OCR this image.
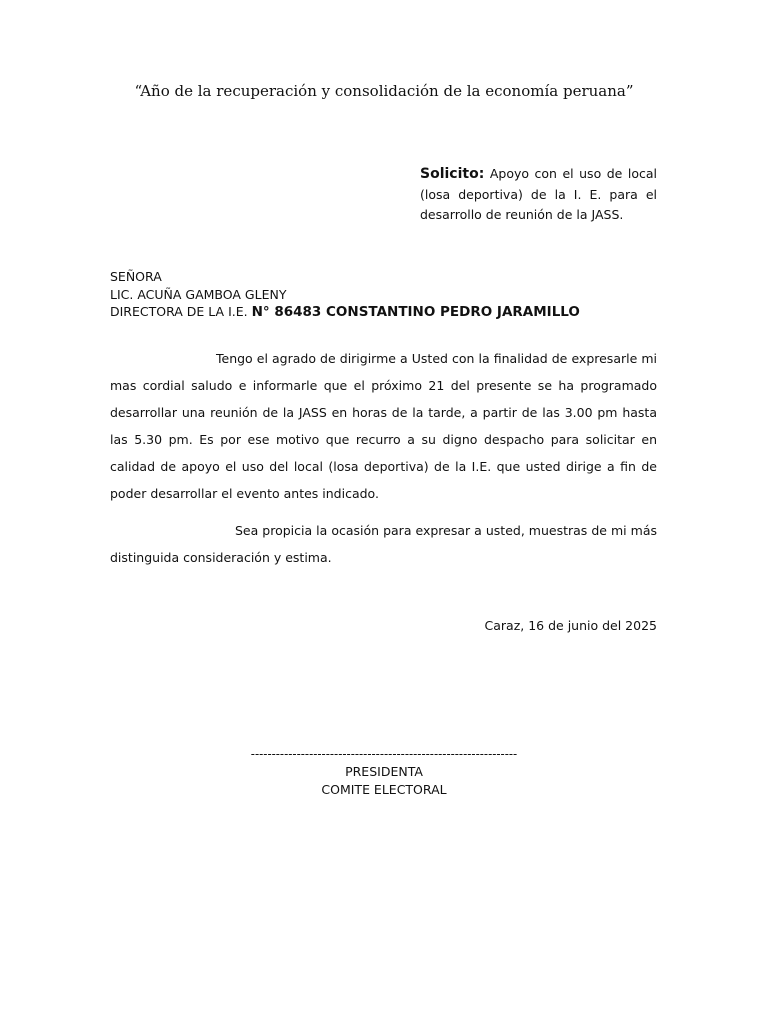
“Año de la recuperación y consolidación de la economía peruana”
Solicito: Apoyo con el uso de local (losa deportiva) de la I. E. para el desarrollo de reunión de la JASS.
SEÑORA
LIC. ACUÑA GAMBOA GLENY
DIRECTORA DE LA I.E. N° 86483 CONSTANTINO PEDRO JARAMILLO

Tengo el agrado de dirigirme a Usted con la finalidad de expresarle mi mas cordial saludo e informarle que el próximo 21 del presente se ha programado desarrollar una reunión de la JASS en horas de la tarde, a partir de las 3.00 pm hasta las 5.30 pm. Es por ese motivo que recurro a su digno despacho para solicitar en calidad de apoyo el uso del local (losa deportiva) de la I.E. que usted dirige a fin de poder desarrollar el evento antes indicado.

Sea propicia la ocasión para expresar a usted, muestras de mi más distinguida consideración y estima.

Caraz, 16 de junio del 2025
----------------------------------------------------------------
PRESIDENTA
COMITE ELECTORAL
